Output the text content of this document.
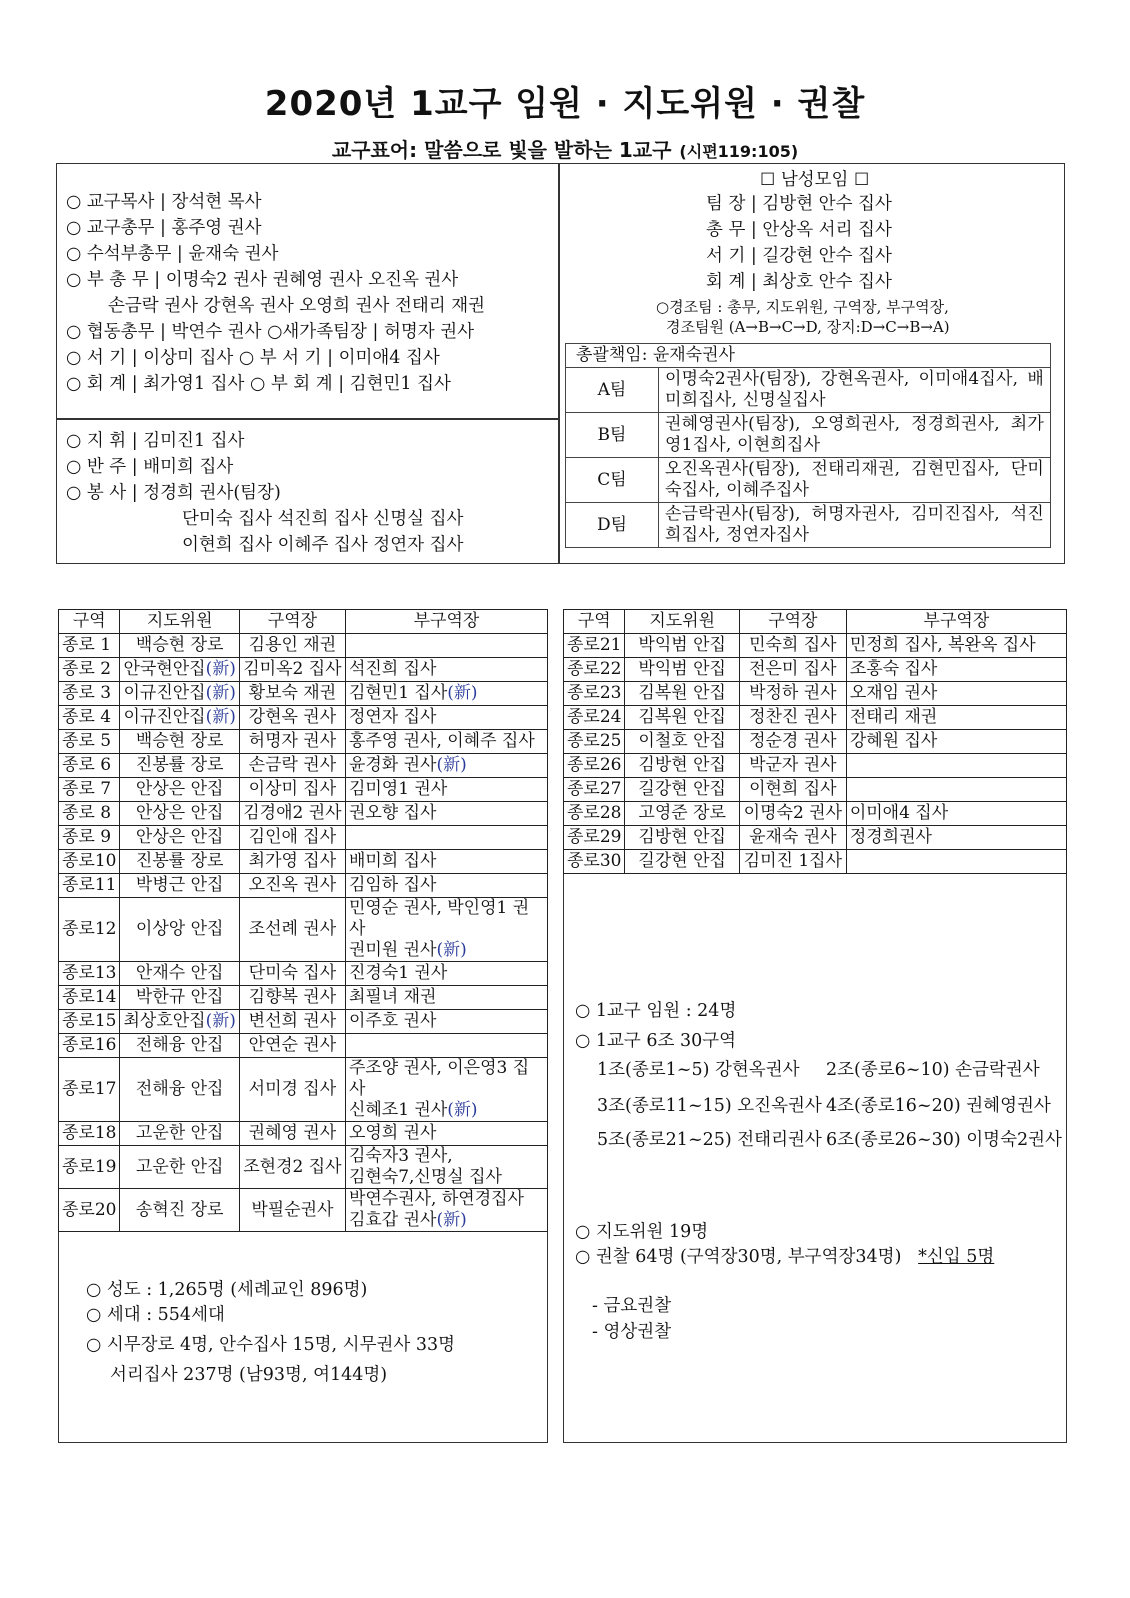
2020년 1교구 임원 · 지도위원 · 권찰
교구표어: 말씀으로 빛을 발하는 1교구 (시편119:105)
○ 교구목사 | 장석현 목사
○ 교구총무 | 홍주영 권사
○ 수석부총무 | 윤재숙 권사
○ 부 총 무 | 이명숙2 권사 권혜영 권사 오진옥 권사
손금락 권사 강현옥 권사 오영희 권사 전태리 재권
○ 협동총무 | 박연수 권사 ○새가족팀장 | 허명자 권사
○ 서 기 | 이상미 집사 ○ 부 서 기 | 이미애4 집사
○ 회 계 | 최가영1 집사 ○ 부 회 계 | 김현민1 집사
○ 지 휘 | 김미진1 집사
○ 반 주 | 배미희 집사
○ 봉 사 | 정경희 권사(팀장)
단미숙 집사 석진희 집사 신명실 집사
이현희 집사 이혜주 집사 정연자 집사
☐ 남성모임 ☐
팀 장 | 김방현 안수 집사
총 무 | 안상옥 서리 집사
서 기 | 길강현 안수 집사
회 계 | 최상호 안수 집사
○경조팀 : 총무, 지도위원, 구역장, 부구역장,
경조팀원 (A→B→C→D, 장지:D→C→B→A)
총괄책임: 윤재숙권사	
A팀	이명숙2권사(팀장), 강현옥권사, 이미애4집사, 배미희집사, 신명실집사
B팀	권혜영권사(팀장), 오영희권사, 정경희권사, 최가영1집사, 이현희집사
C팀	오진옥권사(팀장), 전태리재권, 김현민집사, 단미숙집사, 이혜주집사
D팀	손금락권사(팀장), 허명자권사, 김미진집사, 석진희집사, 정연자집사
구역	지도위원	구역장	부구역장
종로 1	백승현 장로	김용인 재권	
종로 2	안국현안집(新)	김미옥2 집사	석진희 집사
종로 3	이규진안집(新)	황보숙 재권	김현민1 집사(新)
종로 4	이규진안집(新)	강현옥 권사	정연자 집사
종로 5	백승현 장로	허명자 권사	홍주영 권사, 이혜주 집사
종로 6	진봉률 장로	손금락 권사	윤경화 권사(新)
종로 7	안상은 안집	이상미 집사	김미영1 권사
종로 8	안상은 안집	김경애2 권사	권오향 집사
종로 9	안상은 안집	김인애 집사	
종로10	진봉률 장로	최가영 집사	배미희 집사
종로11	박병근 안집	오진옥 권사	김임하 집사
종로12	이상앙 안집	조선례 권사	민영순 권사, 박인영1 권사
권미원 권사(新)
종로13	안재수 안집	단미숙 집사	진경숙1 권사
종로14	박한규 안집	김향복 권사	최필녀 재권
종로15	최상호안집(新)	변선희 권사	이주호 권사
종로16	전해융 안집	안연순 권사	
종로17	전해융 안집	서미경 집사	주조양 권사, 이은영3 집사
신혜조1 권사(新)
종로18	고운한 안집	권혜영 권사	오영희 권사
종로19	고운한 안집	조현경2 집사	김숙자3 권사,
김현숙7,신명실 집사
종로20	송혁진 장로	박필순권사	박연수권사, 하연경집사
김효갑 권사(新)
○ 성도 : 1,265명 (세례교인 896명)
○ 세대 : 554세대
○ 시무장로 4명, 안수집사 15명, 시무권사 33명
서리집사 237명 (남93명, 여144명)
구역	지도위원	구역장	부구역장
종로21	박익범 안집	민숙희 집사	민정희 집사, 복완옥 집사
종로22	박익범 안집	전은미 집사	조홍숙 집사
종로23	김복원 안집	박정하 권사	오재임 권사
종로24	김복원 안집	정찬진 권사	전태리 재권
종로25	이철호 안집	정순경 권사	강혜원 집사
종로26	김방현 안집	박군자 권사	
종로27	길강현 안집	이현희 집사	
종로28	고영준 장로	이명숙2 권사	이미애4 집사
종로29	김방현 안집	윤재숙 권사	정경희권사
종로30	길강현 안집	김미진 1집사	
○ 1교구 임원 : 24명
○ 1교구 6조 30구역
1조(종로1~5) 강현옥권사 2조(종로6~10) 손금락권사
3조(종로11~15) 오진옥권사 4조(종로16~20) 권혜영권사
5조(종로21~25) 전태리권사 6조(종로26~30) 이명숙2권사
○ 지도위원 19명
○ 권찰 64명 (구역장30명, 부구역장34명) *신입 5명
- 금요권찰
- 영상권찰
